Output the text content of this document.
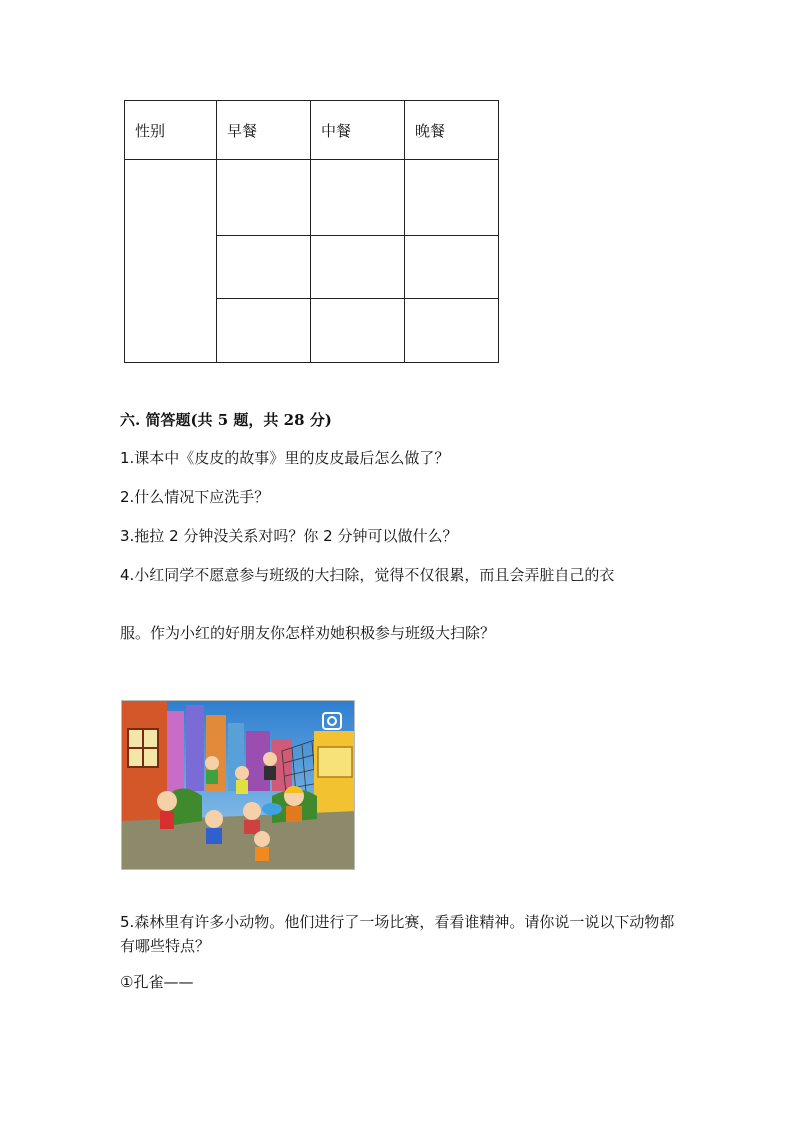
性别	早餐	中餐	晚餐

六. 简答题(共 5 题，共 28 分)
1.课本中《皮皮的故事》里的皮皮最后怎么做了？
2.什么情况下应洗手？
3.拖拉 2 分钟没关系对吗？你 2 分钟可以做什么？
4.小红同学不愿意参与班级的大扫除，觉得不仅很累，而且会弄脏自己的衣
服。作为小红的好朋友你怎样劝她积极参与班级大扫除？
5.森林里有许多小动物。他们进行了一场比赛，看看谁精神。请你说一说以下动物都有哪些特点？
①孔雀——
